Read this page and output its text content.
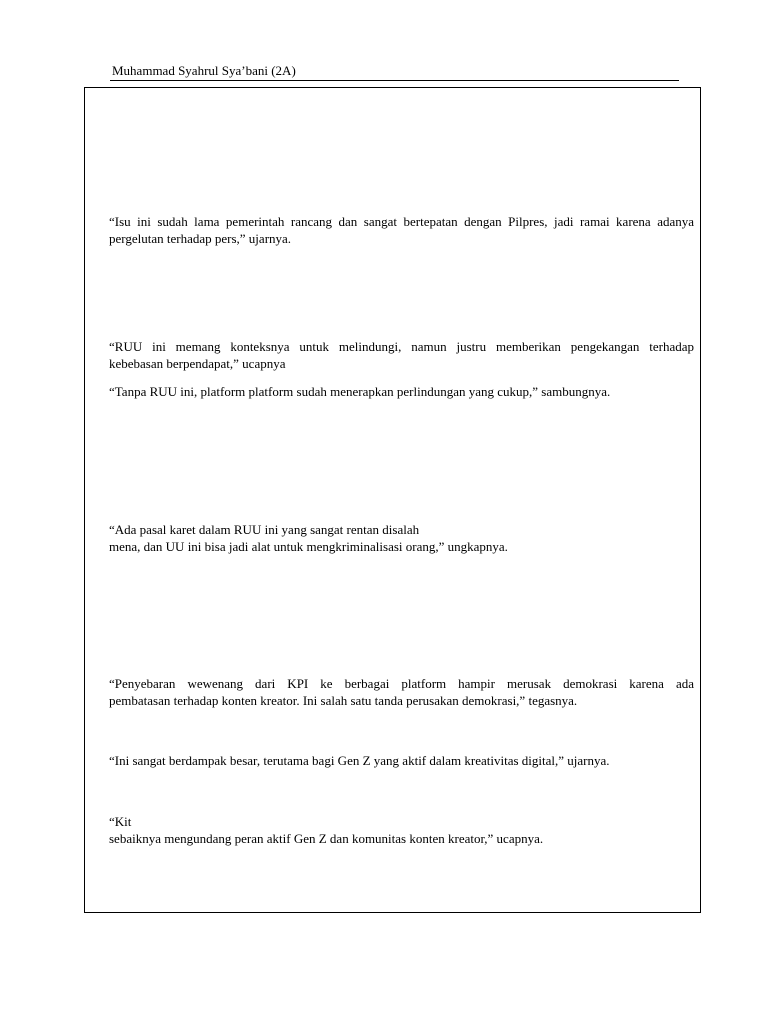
Muhammad Syahrul Sya’bani (2A)
“Isu ini sudah lama pemerintah rancang dan sangat bertepatan dengan Pilpres, jadi ramai karena adanya
pergelutan terhadap pers,” ujarnya.
“RUU ini memang konteksnya untuk melindungi, namun justru memberikan pengekangan terhadap
kebebasan berpendapat,” ucapnya
“Tanpa RUU ini, platform platform sudah menerapkan perlindungan yang cukup,” sambungnya.
“Ada pasal karet dalam RUU ini yang sangat rentan disalah
mena, dan UU ini bisa jadi alat untuk mengkriminalisasi orang,” ungkapnya.
“Penyebaran wewenang dari KPI ke berbagai platform hampir merusak demokrasi karena ada
pembatasan terhadap konten kreator. Ini salah satu tanda perusakan demokrasi,” tegasnya.
“Ini sangat berdampak besar, terutama bagi Gen Z yang aktif dalam kreativitas digital,” ujarnya.
“Kit
sebaiknya mengundang peran aktif Gen Z dan komunitas konten kreator,” ucapnya.
